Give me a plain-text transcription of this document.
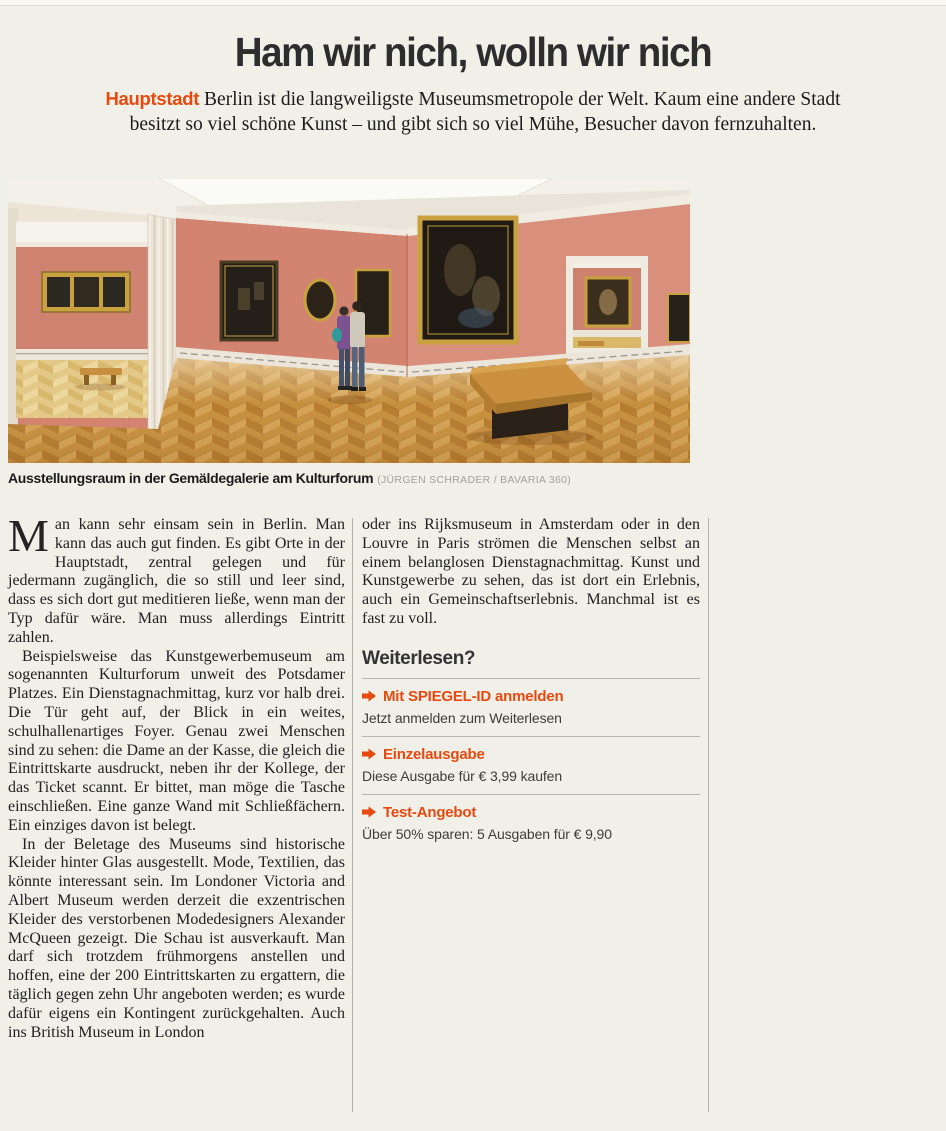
Ham wir nich, wolln wir nich

Hauptstadt Berlin ist die langweiligste Museumsmetropole der Welt. Kaum eine andere Stadt besitzt so viel schöne Kunst – und gibt sich so viel Mühe, Besucher davon fernzuhalten.

Ausstellungsraum in der Gemäldegalerie am Kulturforum (JÜRGEN SCHRADER / BAVARIA 360)

Man kann sehr einsam sein in Berlin. Man kann das auch gut finden. Es gibt Orte in der Hauptstadt, zentral gelegen und für jedermann zugänglich, die so still und leer sind, dass es sich dort gut meditieren ließe, wenn man der Typ dafür wäre. Man muss allerdings Eintritt zahlen.

Beispielsweise das Kunstgewerbemuseum am sogenannten Kulturforum unweit des Potsdamer Platzes. Ein Dienstagnachmittag, kurz vor halb drei. Die Tür geht auf, der Blick in ein weites, schulhallenartiges Foyer. Genau zwei Menschen sind zu sehen: die Dame an der Kasse, die gleich die Eintrittskarte ausdruckt, neben ihr der Kollege, der das Ticket scannt. Er bittet, man möge die Tasche einschließen. Eine ganze Wand mit Schließfächern. Ein einziges davon ist belegt.

In der Beletage des Museums sind historische Kleider hinter Glas ausgestellt. Mode, Textilien, das könnte interessant sein. Im Londoner Victoria and Albert Museum werden derzeit die exzentrischen Kleider des verstorbenen Modedesigners Alexander McQueen gezeigt. Die Schau ist ausverkauft. Man darf sich trotzdem frühmorgens anstellen und hoffen, eine der 200 Eintrittskarten zu ergattern, die täglich gegen zehn Uhr angeboten werden; es wurde dafür eigens ein Kontingent zurückgehalten. Auch ins British Museum in London

oder ins Rijksmuseum in Amsterdam oder in den Louvre in Paris strömen die Menschen selbst an einem belanglosen Dienstagnachmittag. Kunst und Kunstgewerbe zu sehen, das ist dort ein Erlebnis, auch ein Gemeinschaftserlebnis. Manchmal ist es fast zu voll.

Weiterlesen?
Mit SPIEGEL-ID anmelden
Jetzt anmelden zum Weiterlesen
Einzelausgabe
Diese Ausgabe für € 3,99 kaufen
Test-Angebot
Über 50% sparen: 5 Ausgaben für € 9,90
